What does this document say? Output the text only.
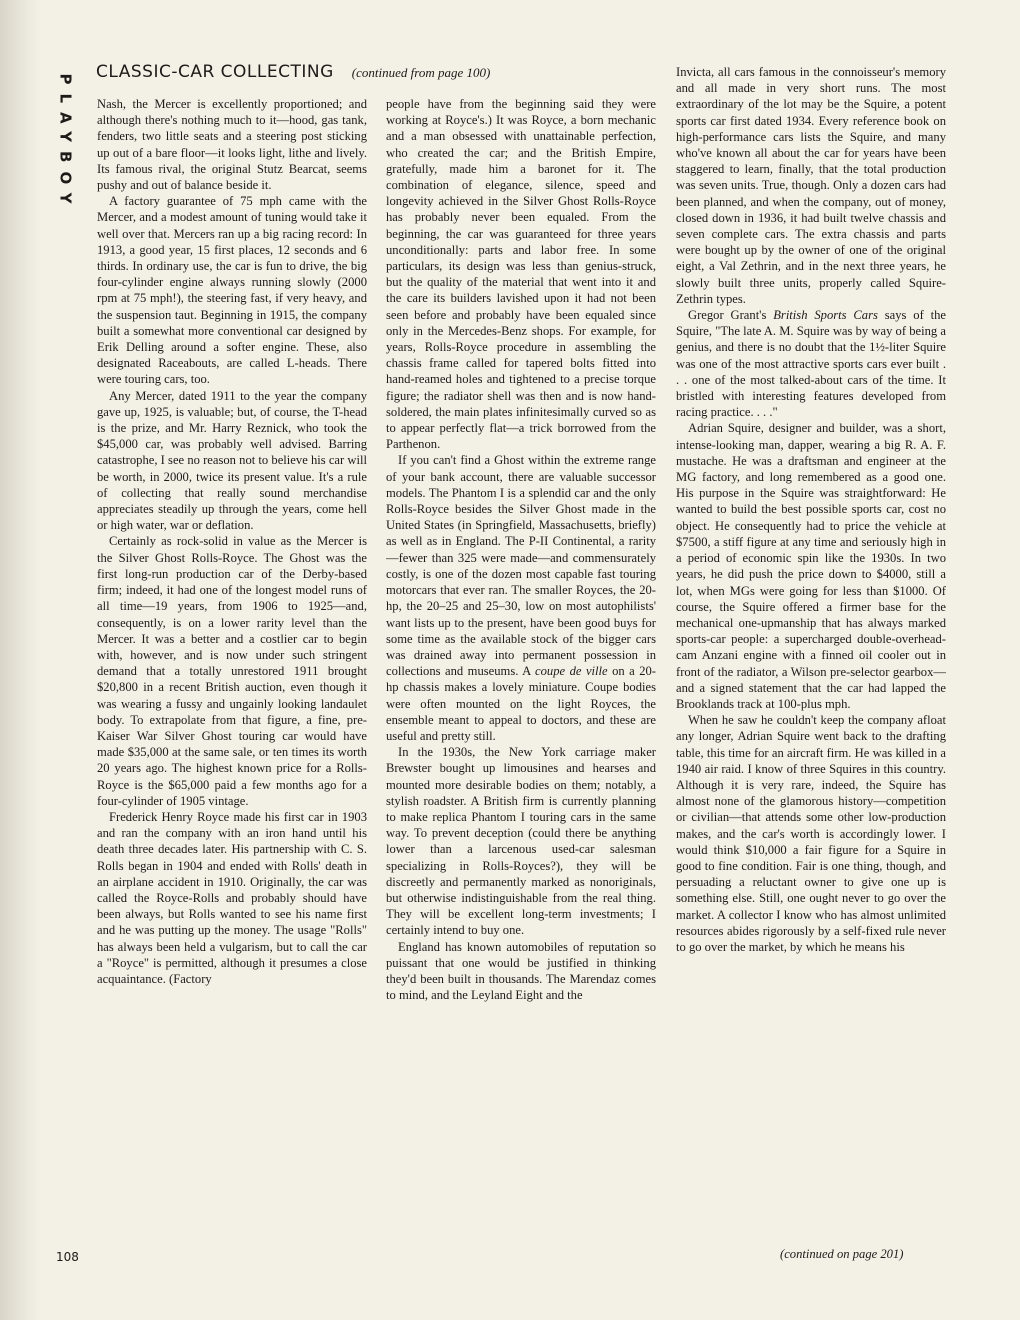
PLAYBOY
CLASSIC-CAR COLLECTING (continued from page 100)

Nash, the Mercer is excellently proportioned; and although there's nothing much to it—hood, gas tank, fenders, two little seats and a steering post sticking up out of a bare floor—it looks light, lithe and lively. Its famous rival, the original Stutz Bearcat, seems pushy and out of balance beside it.

A factory guarantee of 75 mph came with the Mercer, and a modest amount of tuning would take it well over that. Mercers ran up a big racing record: In 1913, a good year, 15 first places, 12 seconds and 6 thirds. In ordinary use, the car is fun to drive, the big four-cylinder engine always running slowly (2000 rpm at 75 mph!), the steering fast, if very heavy, and the suspension taut. Beginning in 1915, the company built a somewhat more conventional car designed by Erik Delling around a softer engine. These, also designated Raceabouts, are called L-heads. There were touring cars, too.

Any Mercer, dated 1911 to the year the company gave up, 1925, is valuable; but, of course, the T-head is the prize, and Mr. Harry Reznick, who took the $45,000 car, was probably well advised. Barring catastrophe, I see no reason not to believe his car will be worth, in 2000, twice its present value. It's a rule of collecting that really sound merchandise appreciates steadily up through the years, come hell or high water, war or deflation.

Certainly as rock-solid in value as the Mercer is the Silver Ghost Rolls-Royce. The Ghost was the first long-run production car of the Derby-based firm; indeed, it had one of the longest model runs of all time—19 years, from 1906 to 1925—and, consequently, is on a lower rarity level than the Mercer. It was a better and a costlier car to begin with, however, and is now under such stringent demand that a totally unrestored 1911 brought $20,800 in a recent British auction, even though it was wearing a fussy and ungainly looking landaulet body. To extrapolate from that figure, a fine, pre-Kaiser War Silver Ghost touring car would have made $35,000 at the same sale, or ten times its worth 20 years ago. The highest known price for a Rolls-Royce is the $65,000 paid a few months ago for a four-cylinder of 1905 vintage.

Frederick Henry Royce made his first car in 1903 and ran the company with an iron hand until his death three decades later. His partnership with C. S. Rolls began in 1904 and ended with Rolls' death in an airplane accident in 1910. Originally, the car was called the Royce-Rolls and probably should have been always, but Rolls wanted to see his name first and he was putting up the money. The usage "Rolls" has always been held a vulgarism, but to call the car a "Royce" is permitted, although it presumes a close acquaintance. (Factory

people have from the beginning said they were working at Royce's.) It was Royce, a born mechanic and a man obsessed with unattainable perfection, who created the car; and the British Empire, gratefully, made him a baronet for it. The combination of elegance, silence, speed and longevity achieved in the Silver Ghost Rolls-Royce has probably never been equaled. From the beginning, the car was guaranteed for three years unconditionally: parts and labor free. In some particulars, its design was less than genius-struck, but the quality of the material that went into it and the care its builders lavished upon it had not been seen before and probably have been equaled since only in the Mercedes-Benz shops. For example, for years, Rolls-Royce procedure in assembling the chassis frame called for tapered bolts fitted into hand-reamed holes and tightened to a precise torque figure; the radiator shell was then and is now hand-soldered, the main plates infinitesimally curved so as to appear perfectly flat—a trick borrowed from the Parthenon.

If you can't find a Ghost within the extreme range of your bank account, there are valuable successor models. The Phantom I is a splendid car and the only Rolls-Royce besides the Silver Ghost made in the United States (in Springfield, Massachusetts, briefly) as well as in England. The P-II Continental, a rarity—fewer than 325 were made—and commensurately costly, is one of the dozen most capable fast touring motorcars that ever ran. The smaller Royces, the 20-hp, the 20–25 and 25–30, low on most autophilists' want lists up to the present, have been good buys for some time as the available stock of the bigger cars was drained away into permanent possession in collections and museums. A coupe de ville on a 20-hp chassis makes a lovely miniature. Coupe bodies were often mounted on the light Royces, the ensemble meant to appeal to doctors, and these are useful and pretty still.

In the 1930s, the New York carriage maker Brewster bought up limousines and hearses and mounted more desirable bodies on them; notably, a stylish roadster. A British firm is currently planning to make replica Phantom I touring cars in the same way. To prevent deception (could there be anything lower than a larcenous used-car salesman specializing in Rolls-Royces?), they will be discreetly and permanently marked as nonoriginals, but otherwise indistinguishable from the real thing. They will be excellent long-term investments; I certainly intend to buy one.

England has known automobiles of reputation so puissant that one would be justified in thinking they'd been built in thousands. The Marendaz comes to mind, and the Leyland Eight and the

Invicta, all cars famous in the connoisseur's memory and all made in very short runs. The most extraordinary of the lot may be the Squire, a potent sports car first dated 1934. Every reference book on high-performance cars lists the Squire, and many who've known all about the car for years have been staggered to learn, finally, that the total production was seven units. True, though. Only a dozen cars had been planned, and when the company, out of money, closed down in 1936, it had built twelve chassis and seven complete cars. The extra chassis and parts were bought up by the owner of one of the original eight, a Val Zethrin, and in the next three years, he slowly built three units, properly called Squire-Zethrin types.

Gregor Grant's British Sports Cars says of the Squire, "The late A. M. Squire was by way of being a genius, and there is no doubt that the 1½-liter Squire was one of the most attractive sports cars ever built . . . one of the most talked-about cars of the time. It bristled with interesting features developed from racing practice. . . ."

Adrian Squire, designer and builder, was a short, intense-looking man, dapper, wearing a big R. A. F. mustache. He was a draftsman and engineer at the MG factory, and long remembered as a good one. His purpose in the Squire was straightforward: He wanted to build the best possible sports car, cost no object. He consequently had to price the vehicle at $7500, a stiff figure at any time and seriously high in a period of economic spin like the 1930s. In two years, he did push the price down to $4000, still a lot, when MGs were going for less than $1000. Of course, the Squire offered a firmer base for the mechanical one-upmanship that has always marked sports-car people: a supercharged double-overhead-cam Anzani engine with a finned oil cooler out in front of the radiator, a Wilson pre-selector gearbox—and a signed statement that the car had lapped the Brooklands track at 100-plus mph.

When he saw he couldn't keep the company afloat any longer, Adrian Squire went back to the drafting table, this time for an aircraft firm. He was killed in a 1940 air raid. I know of three Squires in this country. Although it is very rare, indeed, the Squire has almost none of the glamorous history—competition or civilian—that attends some other low-production makes, and the car's worth is accordingly lower. I would think $10,000 a fair figure for a Squire in good to fine condition. Fair is one thing, though, and persuading a reluctant owner to give one up is something else. Still, one ought never to go over the market. A collector I know who has almost unlimited resources abides rigorously by a self-fixed rule never to go over the market, by which he means his

(continued on page 201)
108
